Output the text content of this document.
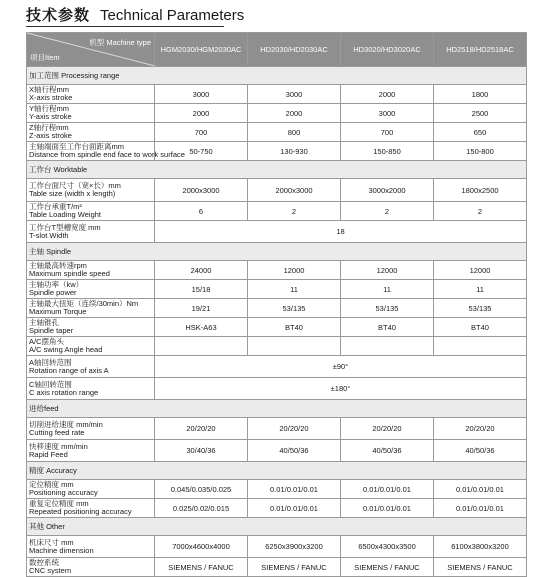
技术参数 Technical Parameters
机型 Machine type
项目Item	HGM2030/HGM2030AC	HD2030/HD2030AC	HD3020/HD3020AC	HD2518/HD2518AC
加工范围 Processing range				

X轴行程mm
X-axis stroke	3000	3000	2000	1800

Y轴行程mm
Y-axis stroke	2000	2000	3000	2500

Z轴行程mm
Z-axis stroke	700	800	700	650

主轴端面至工作台面距离mm
Distance from spindle end face to work surface	50-750	130-930	150-850	150-800
工作台 Worktable				

工作台面尺寸（宽×长）mm
Table size (width x length)	2000x3000	2000x3000	3000x2000	1800x2500

工作台承重T/m²
Table Loading Weight	6	2	2	2

工作台T型槽宽度 mm
T-slot Width	18			
主轴 Spindle				

主轴最高转速rpm
Maximum spindle speed	24000	12000	12000	12000

主轴功率（kw）
Spindle power	15/18	11	11	11

主轴最大扭矩（连续/30min）Nm
Maximum Torque	19/21	53/135	53/135	53/135

主轴锥孔
Spindle taper	HSK-A63	BT40	BT40	BT40

A/C摆角头
A/C swing Angle head				

A轴回转范围
Rotation range of axis A	±90°			

C轴回转范围
C axis rotation range	±180°			
进给feed				

切削进给速度 mm/min
Cutting feed rate	20/20/20	20/20/20	20/20/20	20/20/20

快移速度 mm/min
Rapid Feed	30/40/36	40/50/36	40/50/36	40/50/36
精度 Accuracy				

定位精度 mm
Positioning accuracy	0.045/0.035/0.025	0.01/0.01/0.01	0.01/0.01/0.01	0.01/0.01/0.01

重复定位精度 mm
Repeated positioning accuracy	0.025/0.02/0.015	0.01/0.01/0.01	0.01/0.01/0.01	0.01/0.01/0.01
其他 Other				

机床尺寸 mm
Machine dimension	7000x4600x4000	6250x3900x3200	6500x4300x3500	6100x3800x3200

数控系统
CNC system	SIEMENS / FANUC	SIEMENS / FANUC	SIEMENS / FANUC	SIEMENS / FANUC
